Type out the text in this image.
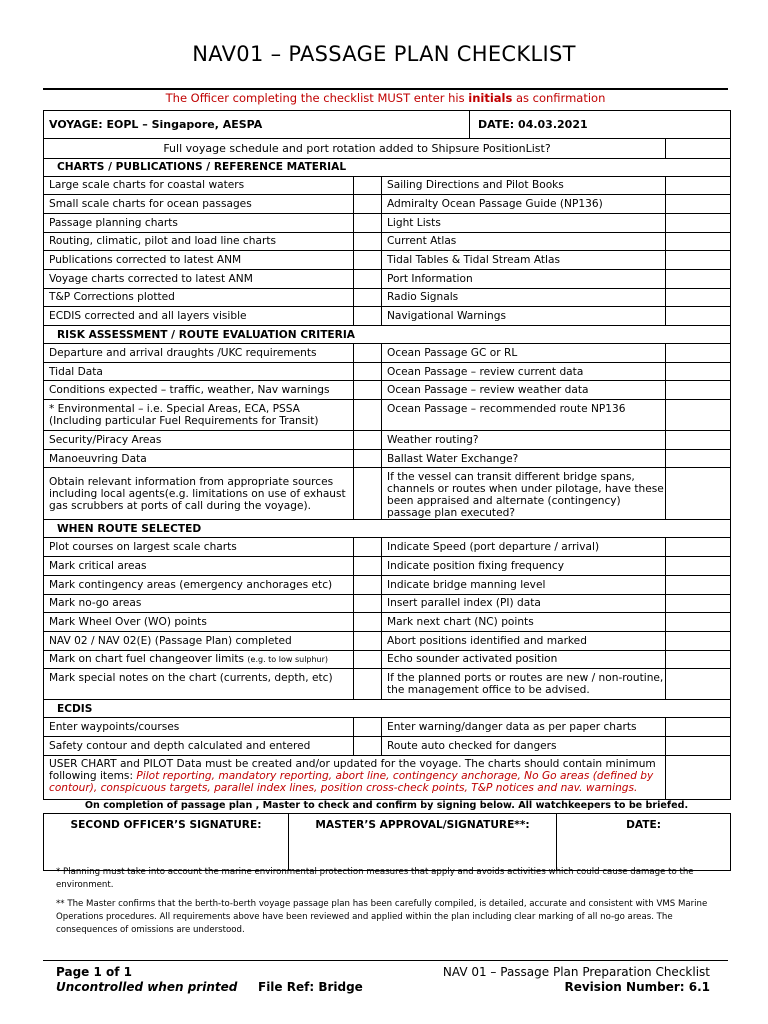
NAV01 – PASSAGE PLAN CHECKLIST
The Officer completing the checklist MUST enter his initials as confirmation
VOYAGE: EOPL – Singapore, AESPA	DATE: 04.03.2021	
Full voyage schedule and port rotation added to Shipsure PositionList?		
CHARTS / PUBLICATIONS / REFERENCE MATERIAL			
Large scale charts for coastal waters		Sailing Directions and Pilot Books	
Small scale charts for ocean passages		Admiralty Ocean Passage Guide (NP136)	
Passage planning charts		Light Lists	
Routing, climatic, pilot and load line charts		Current Atlas	
Publications corrected to latest ANM		Tidal Tables & Tidal Stream Atlas	
Voyage charts corrected to latest ANM		Port Information	
T&P Corrections plotted		Radio Signals	
ECDIS corrected and all layers visible		Navigational Warnings	
RISK ASSESSMENT / ROUTE EVALUATION CRITERIA			
Departure and arrival draughts /UKC requirements		Ocean Passage GC or RL	
Tidal Data		Ocean Passage – review current data	
Conditions expected – traffic, weather, Nav warnings		Ocean Passage – review weather data	
* Environmental – i.e. Special Areas, ECA, PSSA (Including particular Fuel Requirements for Transit)		Ocean Passage – recommended route NP136	
Security/Piracy Areas		Weather routing?	
Manoeuvring Data		Ballast Water Exchange?	
Obtain relevant information from appropriate sources including local agents(e.g. limitations on use of exhaust gas scrubbers at ports of call during the voyage).		If the vessel can transit different bridge spans, channels or routes when under pilotage, have these been appraised and alternate (contingency) passage plan executed?	
WHEN ROUTE SELECTED			
Plot courses on largest scale charts		Indicate Speed (port departure / arrival)	
Mark critical areas		Indicate position fixing frequency	
Mark contingency areas (emergency anchorages etc)		Indicate bridge manning level	
Mark no-go areas		Insert parallel index (PI) data	
Mark Wheel Over (WO) points		Mark next chart (NC) points	
NAV 02 / NAV 02(E) (Passage Plan) completed		Abort positions identified and marked	
Mark on chart fuel changeover limits (e.g. to low sulphur)		Echo sounder activated position	
Mark special notes on the chart (currents, depth, etc)		If the planned ports or routes are new / non-routine, the management office to be advised.	
ECDIS			
Enter waypoints/courses		Enter warning/danger data as per paper charts	
Safety contour and depth calculated and entered		Route auto checked for dangers	
USER CHART and PILOT Data must be created and/or updated for the voyage. The charts should contain minimum following items: Pilot reporting, mandatory reporting, abort line, contingency anchorage, No Go areas (defined by contour), conspicuous targets, parallel index lines, position cross-check points, T&P notices and nav. warnings.			
On completion of passage plan , Master to check and confirm by signing below. All watchkeepers to be briefed.
SECOND OFFICER’S SIGNATURE:	MASTER’S APPROVAL/SIGNATURE**:	DATE:
* Planning must take into account the marine environmental protection measures that apply and avoids activities which could cause damage to the environment.
** The Master confirms that the berth-to-berth voyage passage plan has been carefully compiled, is detailed, accurate and consistent with VMS Marine Operations procedures. All requirements above have been reviewed and applied within the plan including clear marking of all no-go areas. The consequences of omissions are understood.
Page 1 of 1
Uncontrolled when printed File Ref: Bridge
NAV 01 – Passage Plan Preparation Checklist
Revision Number: 6.1
